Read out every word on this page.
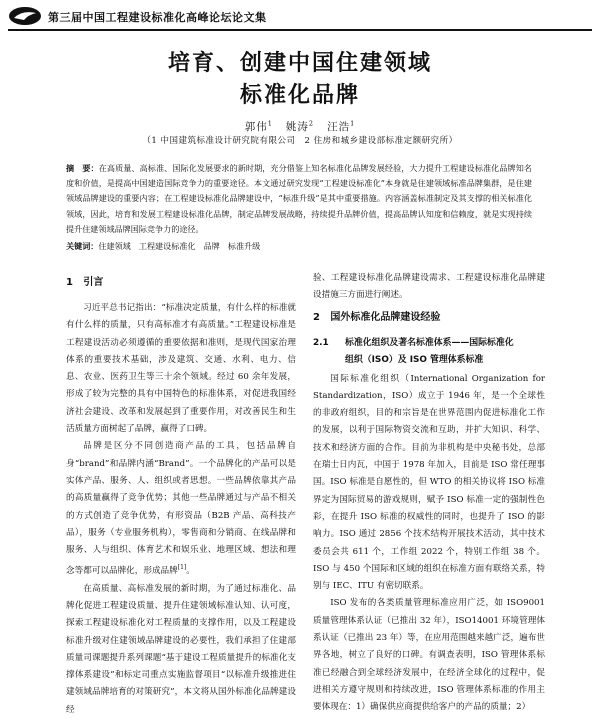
第三届中国工程建设标准化高峰论坛论文集
培育、创建中国住建领域
标准化品牌
郭伟$^1$ 姚涛$^2$ 汪浩$^1$
（1 中国建筑标准设计研究院有限公司　2 住房和城乡建设部标准定额研究所）
摘　要：在高质量、高标准、国际化发展要求的新时期，充分借鉴上知名标准化品牌发展经验，大力提升工程建设标准化品牌知名度和价值，是提高中国建造国际竞争力的重要途径。本文通过研究发现“工程建设标准化”本身就是住建领域标准品牌集群，是住建领域品牌建设的重要内容；在工程建设标准化品牌建设中，“标准升级”是其中重要措施。内容涵盖标准制定及其支撑的相关标准化领域，因此，培育和发展工程建设标准化品牌，制定品牌发展战略，持续提升品牌价值，提高品牌认知度和信赖度，就是实现持续提升住建领域品牌国际竞争力的途径。
关键词：住建领域　工程建设标准化　品牌　标准升级
1 引言

习近平总书记指出：“标准决定质量，有什么样的标准就有什么样的质量，只有高标准才有高质量。”工程建设标准是工程建设活动必须遵循的重要依据和准则，是现代国家治理体系的重要技术基础，涉及建筑、交通、水利、电力、信息、农业、医药卫生等三十余个领域。经过 60 余年发展，形成了较为完整的具有中国特色的标准体系，对促进我国经济社会建设、改革和发展起到了重要作用，对改善民生和生活质量方面树起了品牌，赢得了口碑。

品牌是区分不同创造商产品的工具，包括品牌自身“brand”和品牌内涵“Brand”。一个品牌化的产品可以是实体产品、服务、人、组织或者思想。一些品牌依靠其产品的高质量赢得了竞争优势；其他一些品牌通过与产品不相关的方式创造了竞争优势，有形资品（B2B 产品、高科技产品），服务（专业服务机构），零售商和分销商、在线品牌和服务、人与组织、体育艺术和娱乐业、地理区域、想法和理念等都可以品牌化，形成品牌[1]。

在高质量、高标准发展的新时期，为了通过标准化、品牌化促进工程建设质量、提升住建领域标准认知、认可度，探索工程建设标准化对工程质量的支撑作用，以及工程建设标准升级对住建领域品牌建设的必要性，我们承担了住建部质量司课题提升系列课题“基于建设工程质量提升的标准化支撑体系建设”和标定司重点实施监督项目“以标准升级推进住建领域品牌培育的对策研究”，本文将从国外标准化品牌建设经

验、工程建设标准化品牌建设需求、工程建设标准化品牌建设措施三方面进行阐述。

2 国外标准化品牌建设经验
2.1 标准化组织及著名标准体系——国际标准化
组织（ISO）及 ISO 管理体系标准

国际标准化组织（International Organization for Standardization，ISO）成立于 1946 年，是一个全球性的非政府组织，目的和宗旨是在世界范围内促进标准化工作的发展，以利于国际物资交流和互助，并扩大知识、科学、技术和经济方面的合作。目前为非机构是中央秘书处，总部在瑞士日内瓦，中国于 1978 年加入，目前是 ISO 常任理事国。ISO 标准是自愿性的，但 WTO 的相关协议将 ISO 标准界定为国际贸易的游戏规则，赋予 ISO 标准一定的强制性色彩，在提升 ISO 标准的权威性的同时，也提升了 ISO 的影响力。ISO 通过 2856 个技术结构开展技术活动，其中技术委员会共 611 个，工作组 2022 个，特别工作组 38 个。ISO 与 450 个国际和区域的组织在标准方面有联络关系，特别与 IEC、ITU 有密切联系。

ISO 发布的各类质量管理标准应用广泛，如 ISO9001 质量管理体系认证（已推出 32 年），ISO14001 环境管理体系认证（已推出 23 年）等，在应用范围越来越广泛，遍布世界各地，树立了良好的口碑。有调查表明，ISO 管理体系标准已经融合到全球经济发展中，在经济全球化的过程中，促进相关方遵守规则和持续改进，ISO 管理体系标准的作用主要体现在：1）确保供应商提供给客户的产品的质量；2）
